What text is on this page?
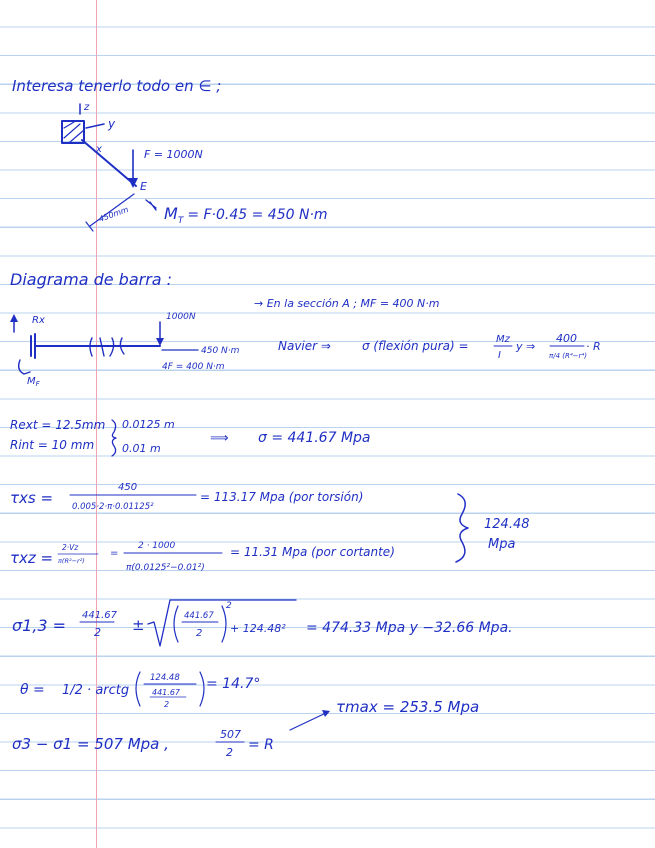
Interesa tenerlo todo en ∈ ;
z
y
x	F = 1000N
E
450mm $M_T = F\cdot 0.45 = 450$ N·m
Diagrama de barra :
→ En la sección A ; MF = 400 N·m
Rx
$M_F$
1000N
450 N·m
4F = 400 N·m
Navier ⇒	σ (flexión pura) =	Mz
I
y ⇒
400
π/4 (R⁴−r⁴)
· R
Rext = 12.5mm
Rint = 10 mm
0.0125 m
0.01 m
⟹ σ = 441.67 Mpa
τxs =
450
0.005·2·π·0.01125²
= 113.17 Mpa (por torsión)
τxz =
2·Vz
π(R²−r²)
=
2 · 1000
π(0.0125²−0.01²)
= 11.31 Mpa (por cortante)
124.48
Mpa
σ1,3 =
441.67
2 ±	441.67
2
2
+ 124.48² = 474.33 Mpa y −32.66 Mpa.
θ = 1/2 · arctg
124.48
441.67
2
= 14.7°
σ3 − σ1 = 507 Mpa ,
507
2 = R
τmax = 253.5 Mpa
